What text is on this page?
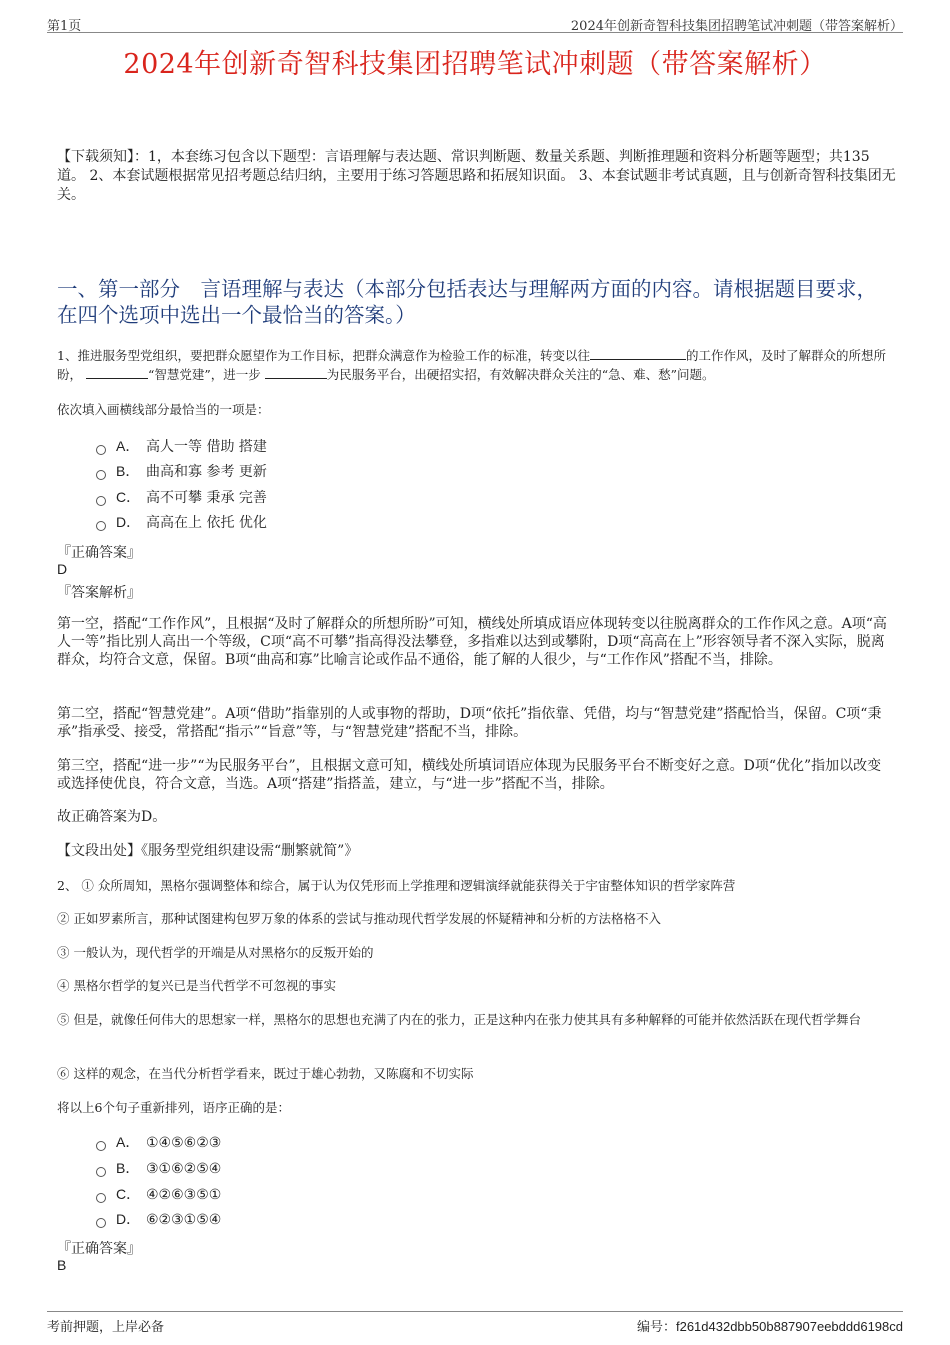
第1页	2024年创新奇智科技集团招聘笔试冲刺题（带答案解析）
2024年创新奇智科技集团招聘笔试冲刺题（带答案解析）
【下载须知】：1，本套练习包含以下题型：言语理解与表达题、常识判断题、数量关系题、判断推理题和资料分析题等题型；共135道。 2、本套试题根据常见招考题总结归纳，主要用于练习答题思路和拓展知识面。 3、本套试题非考试真题，且与创新奇智科技集团无关。
一、第一部分　言语理解与表达（本部分包括表达与理解两方面的内容。请根据题目要求，在四个选项中选出一个最恰当的答案。）
1、推进服务型党组织，要把群众愿望作为工作目标，把群众满意作为检验工作的标准，转变以往	的工作作风，及时了解群众的所想所盼，	“智慧党建”，进一步	为民服务平台，出硬招实招，有效解决群众关注的“急、难、愁”问题。
依次填入画横线部分最恰当的一项是：
A． 高人一等 借助 搭建
B． 曲高和寡 参考 更新
C． 高不可攀 秉承 完善
D． 高高在上 依托 优化
『正确答案』
D
『答案解析』
第一空，搭配“工作作风”，且根据“及时了解群众的所想所盼”可知，横线处所填成语应体现转变以往脱离群众的工作作风之意。A项“高人一等”指比别人高出一个等级，C项“高不可攀”指高得没法攀登，多指难以达到或攀附，D项“高高在上”形容领导者不深入实际，脱离群众，均符合文意，保留。B项“曲高和寡”比喻言论或作品不通俗，能了解的人很少，与“工作作风”搭配不当，排除。
第二空，搭配“智慧党建”。A项“借助”指靠别的人或事物的帮助，D项“依托”指依靠、凭借，均与“智慧党建”搭配恰当，保留。C项“秉承”指承受、接受，常搭配“指示”“旨意”等，与“智慧党建”搭配不当，排除。
第三空，搭配“进一步”“为民服务平台”，且根据文意可知，横线处所填词语应体现为民服务平台不断变好之意。D项“优化”指加以改变或选择使优良，符合文意，当选。A项“搭建”指搭盖，建立，与“进一步”搭配不当，排除。
故正确答案为D。
【文段出处】《服务型党组织建设需“删繁就简”》
2、 ① 众所周知，黑格尔强调整体和综合，属于认为仅凭形而上学推理和逻辑演绎就能获得关于宇宙整体知识的哲学家阵营
② 正如罗素所言，那种试图建构包罗万象的体系的尝试与推动现代哲学发展的怀疑精神和分析的方法格格不入
③ 一般认为，现代哲学的开端是从对黑格尔的反叛开始的
④ 黑格尔哲学的复兴已是当代哲学不可忽视的事实
⑤ 但是，就像任何伟大的思想家一样，黑格尔的思想也充满了内在的张力，正是这种内在张力使其具有多种解释的可能并依然活跃在现代哲学舞台
⑥ 这样的观念，在当代分析哲学看来，既过于雄心勃勃，又陈腐和不切实际
将以上6个句子重新排列，语序正确的是：
A． ①④⑤⑥②③
B． ③①⑥②⑤④
C． ④②⑥③⑤①
D． ⑥②③①⑤④
『正确答案』
B
考前押题，上岸必备	编号：f261d432dbb50b887907eebddd6198cd
